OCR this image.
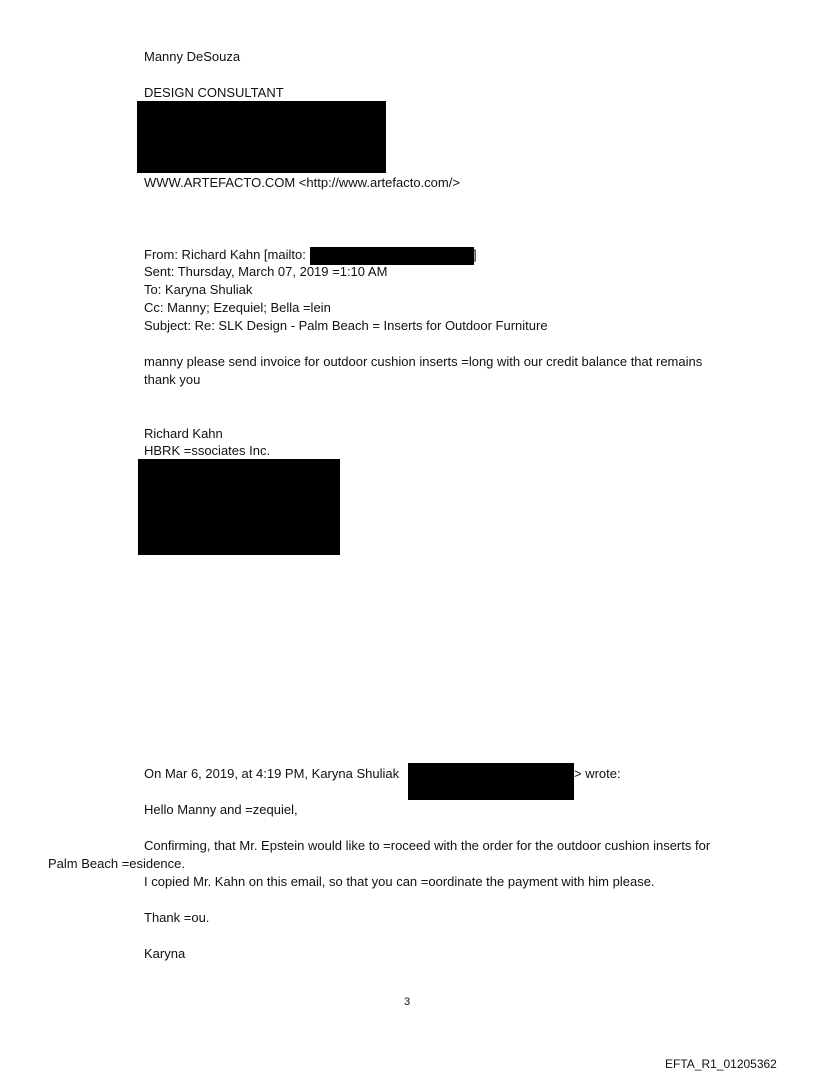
Manny DeSouza

DESIGN CONSULTANT

WWW.ARTEFACTO.COM <http://www.artefacto.com/>

From: Richard Kahn [mailto:	]

Sent: Thursday, March 07, 2019 =1:10 AM

To: Karyna Shuliak

Cc: Manny; Ezequiel; Bella =lein

Subject: Re: SLK Design - Palm Beach = Inserts for Outdoor Furniture

manny please send invoice for outdoor cushion inserts =long with our credit balance that remains

thank you

Richard Kahn

HBRK =ssociates Inc.

On Mar 6, 2019, at 4:19 PM, Karyna Shuliak	> wrote:

Hello Manny and =zequiel,

Confirming, that Mr. Epstein would like to =roceed with the order for the outdoor cushion inserts for

Palm Beach =esidence.

I copied Mr. Kahn on this email, so that you can =oordinate the payment with him please.

Thank =ou.

Karyna

3

EFTA_R1_01205362
